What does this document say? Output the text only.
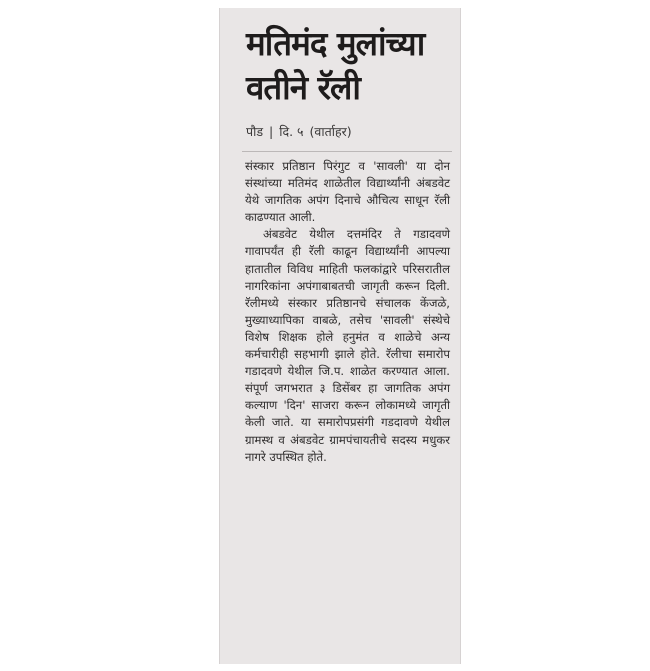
मतिमंद मुलांच्या वतीने रॅली
पौड | दि. ५ (वार्ताहर)

संस्कार प्रतिष्ठान पिरंगुट व 'सावली' या दोन संस्थांच्या मतिमंद शाळेतील विद्यार्थ्यांनी अंबडवेट येथे जागतिक अपंग दिनाचे औचित्य साधून रॅली काढण्यात आली.

अंबडवेट येथील दत्तमंदिर ते गडादवणे गावापर्यंत ही रॅली काढून विद्यार्थ्यांनी आपल्या हातातील विविध माहिती फलकांद्वारे परिसरातील नागरिकांना अपंगाबाबतची जागृती करून दिली. रॅलीमध्ये संस्कार प्रतिष्ठानचे संचालक केंजळे, मुख्याध्यापिका वाबळे, तसेच 'सावली' संस्थेचे विशेष शिक्षक होले हनुमंत व शाळेचे अन्य कर्मचारीही सहभागी झाले होते. रॅलीचा समारोप गडादवणे येथील जि.प. शाळेत करण्यात आला. संपूर्ण जगभरात ३ डिसेंबर हा जागतिक अपंग कल्याण 'दिन' साजरा करून लोकामध्ये जागृती केली जाते. या समारोपप्रसंगी गडदावणे येथील ग्रामस्थ व अंबडवेट ग्रामपंचायतीचे सदस्य मधुकर नागरे उपस्थित होते.
